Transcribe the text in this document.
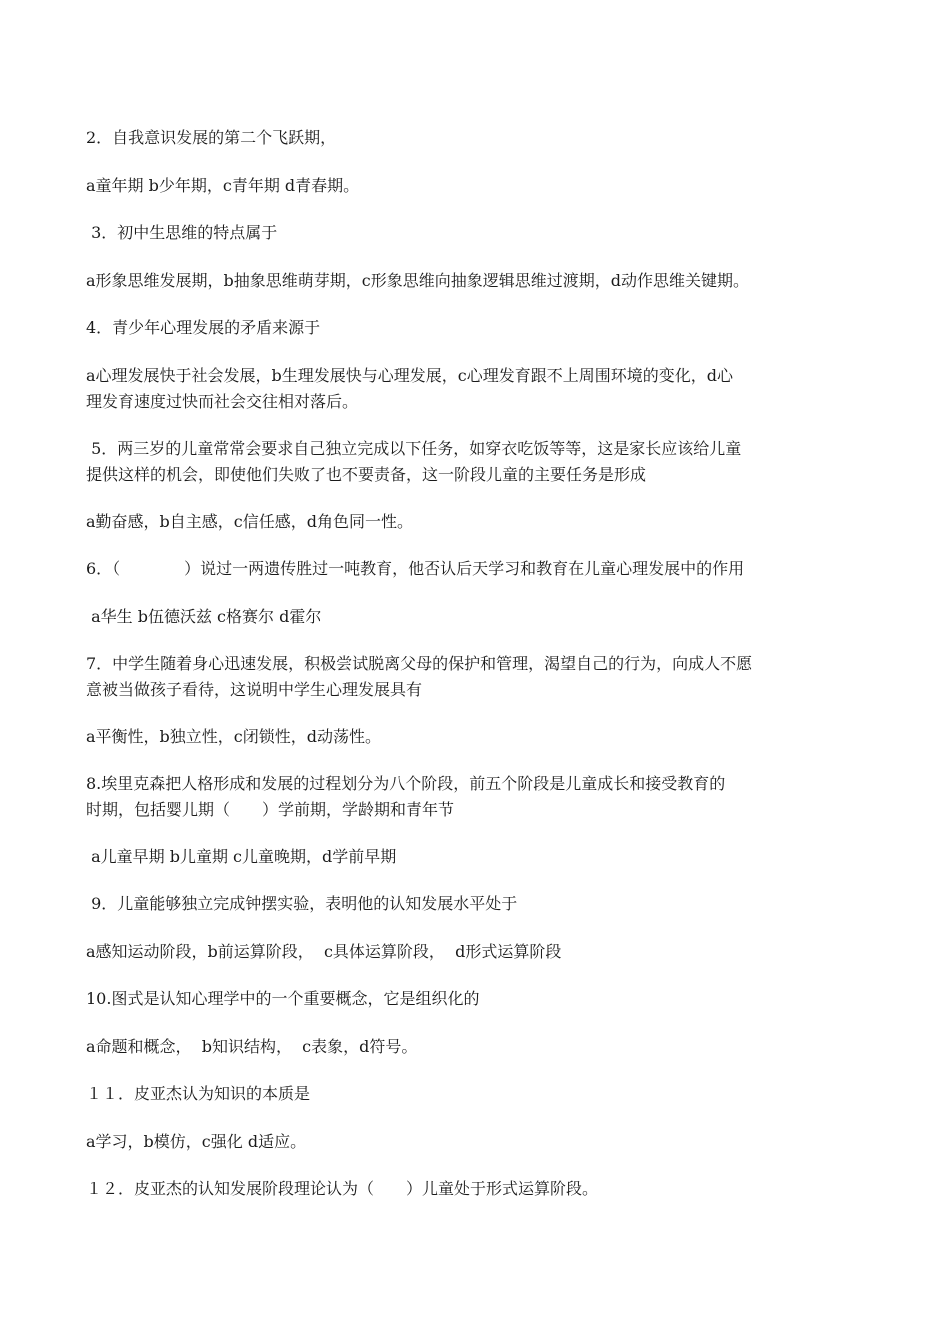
2．自我意识发展的第二个飞跃期，

a童年期 b少年期，c青年期 d青春期。

3．初中生思维的特点属于

a形象思维发展期，b抽象思维萌芽期，c形象思维向抽象逻辑思维过渡期，d动作思维关键期。

4．青少年心理发展的矛盾来源于

a心理发展快于社会发展，b生理发展快与心理发展，c心理发育跟不上周围环境的变化，d心

理发育速度过快而社会交往相对落后。

5．两三岁的儿童常常会要求自己独立完成以下任务，如穿衣吃饭等等，这是家长应该给儿童

提供这样的机会，即使他们失败了也不要责备，这一阶段儿童的主要任务是形成

a勤奋感，b自主感，c信任感，d角色同一性。

6．（　　　　）说过一两遗传胜过一吨教育，他否认后天学习和教育在儿童心理发展中的作用

a华生 b伍德沃兹 c格赛尔 d霍尔

7．中学生随着身心迅速发展，积极尝试脱离父母的保护和管理，渴望自己的行为，向成人不愿

意被当做孩子看待，这说明中学生心理发展具有

a平衡性，b独立性，c闭锁性，d动荡性。

8.埃里克森把人格形成和发展的过程划分为八个阶段，前五个阶段是儿童成长和接受教育的

时期，包括婴儿期（　　）学前期，学龄期和青年节

a儿童早期 b儿童期 c儿童晚期，d学前早期

9．儿童能够独立完成钟摆实验，表明他的认知发展水平处于

a感知运动阶段，b前运算阶段，  c具体运算阶段，  d形式运算阶段

10.图式是认知心理学中的一个重要概念，它是组织化的

a命题和概念，  b知识结构，  c表象，d符号。

１１．皮亚杰认为知识的本质是

a学习，b模仿，c强化 d适应。

１２．皮亚杰的认知发展阶段理论认为（　　）儿童处于形式运算阶段。
